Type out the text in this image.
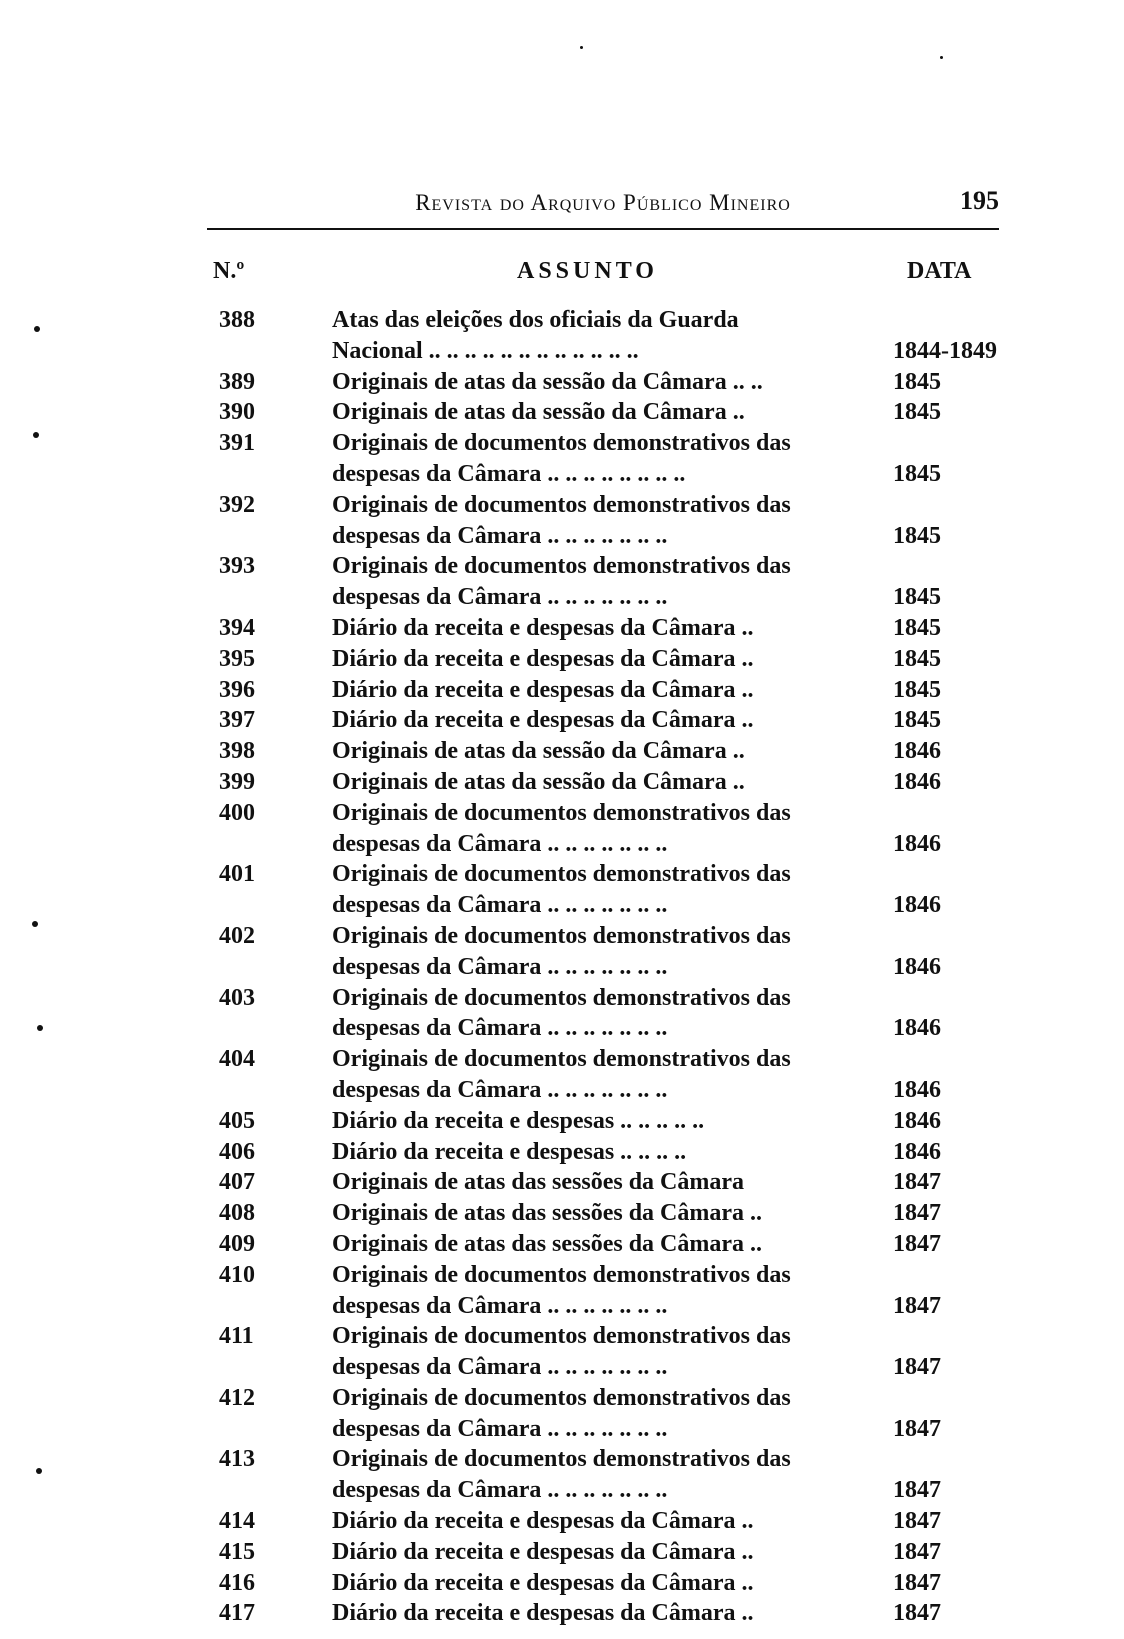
Revista do Arquivo Público Mineiro	195
N.º	ASSUNTO	DATA
388	Atas das eleições dos oficiais da Guarda
Nacional .. .. .. .. .. .. .. .. .. .. .. ..	1844-1849
389	Originais de atas da sessão da Câmara .. ..	1845
390	Originais de atas da sessão da Câmara ..	1845
391	Originais de documentos demonstrativos das
despesas da Câmara .. .. .. .. .. .. .. ..	1845
392	Originais de documentos demonstrativos das
despesas da Câmara .. .. .. .. .. .. ..	1845
393	Originais de documentos demonstrativos das
despesas da Câmara .. .. .. .. .. .. ..	1845
394	Diário da receita e despesas da Câmara ..	1845
395	Diário da receita e despesas da Câmara ..	1845
396	Diário da receita e despesas da Câmara ..	1845
397	Diário da receita e despesas da Câmara ..	1845
398	Originais de atas da sessão da Câmara ..	1846
399	Originais de atas da sessão da Câmara ..	1846
400	Originais de documentos demonstrativos das
despesas da Câmara .. .. .. .. .. .. ..	1846
401	Originais de documentos demonstrativos das
despesas da Câmara .. .. .. .. .. .. ..	1846
402	Originais de documentos demonstrativos das
despesas da Câmara .. .. .. .. .. .. ..	1846
403	Originais de documentos demonstrativos das
despesas da Câmara .. .. .. .. .. .. ..	1846
404	Originais de documentos demonstrativos das
despesas da Câmara .. .. .. .. .. .. ..	1846
405	Diário da receita e despesas .. .. .. .. ..	1846
406	Diário da receita e despesas .. .. .. ..	1846
407	Originais de atas das sessões da Câmara	1847
408	Originais de atas das sessões da Câmara ..	1847
409	Originais de atas das sessões da Câmara ..	1847
410	Originais de documentos demonstrativos das
despesas da Câmara .. .. .. .. .. .. ..	1847
411	Originais de documentos demonstrativos das
despesas da Câmara .. .. .. .. .. .. ..	1847
412	Originais de documentos demonstrativos das
despesas da Câmara .. .. .. .. .. .. ..	1847
413	Originais de documentos demonstrativos das
despesas da Câmara .. .. .. .. .. .. ..	1847
414	Diário da receita e despesas da Câmara ..	1847
415	Diário da receita e despesas da Câmara ..	1847
416	Diário da receita e despesas da Câmara ..	1847
417	Diário da receita e despesas da Câmara ..	1847
